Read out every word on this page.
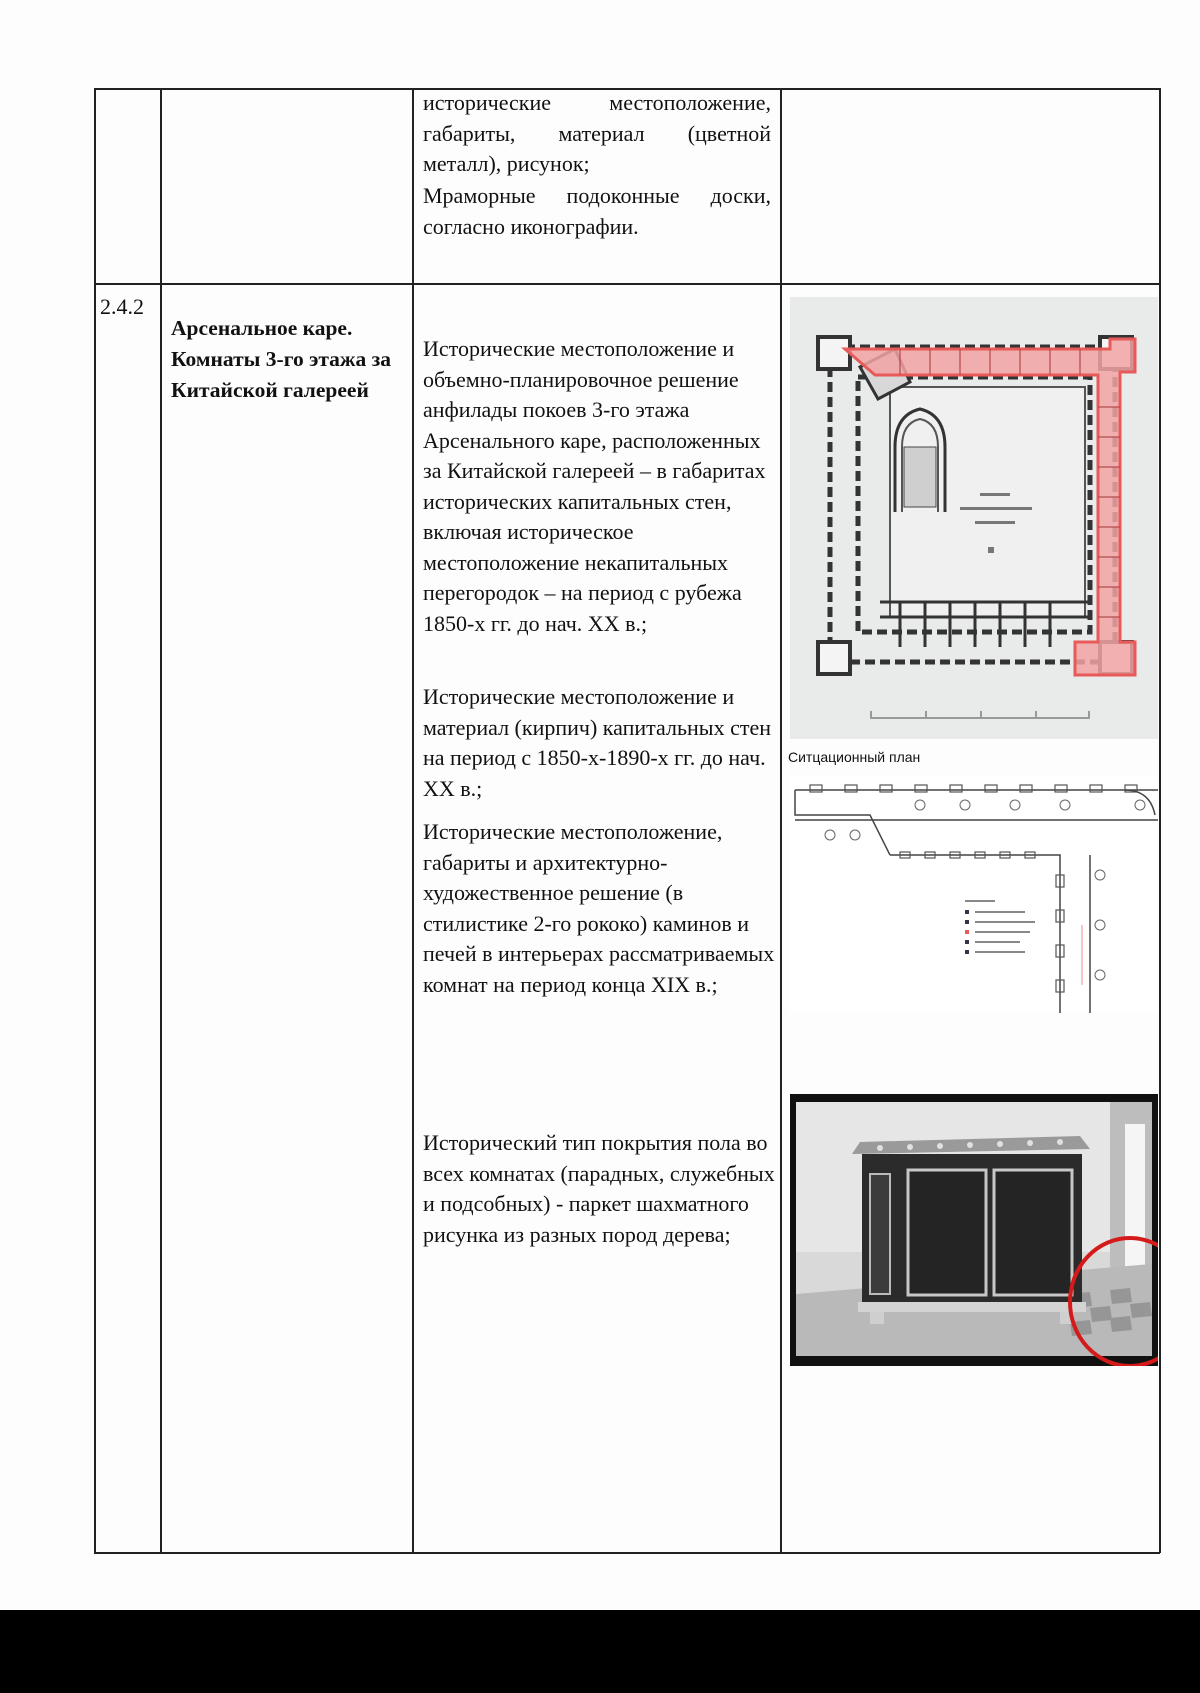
исторические местоположение, габариты, материал (цветной металл), рисунок;
Мраморные подоконные доски, согласно иконографии.
2.4.2
Арсенальное каре. Комнаты 3-го этажа за Китайской галереей
Исторические местоположение и объемно-планировочное решение анфилады покоев 3-го этажа Арсенального каре, расположенных за Китайской галереей – в габаритах исторических капитальных стен, включая историческое местоположение некапитальных перегородок – на период с рубежа 1850-х гг. до нач. XX в.;
Исторические местоположение и материал (кирпич) капитальных стен на период с 1850-х-1890-х гг. до нач. XX в.;
Исторические местоположение, габариты и архитектурно-художественное решение (в стилистике 2-го рококо) каминов и печей в интерьерах рассматриваемых комнат на период конца XIX в.;
Исторический тип покрытия пола во всех комнатах (парадных, служебных и подсобных) - паркет шахматного рисунка из разных пород дерева;
Ситцационный план
